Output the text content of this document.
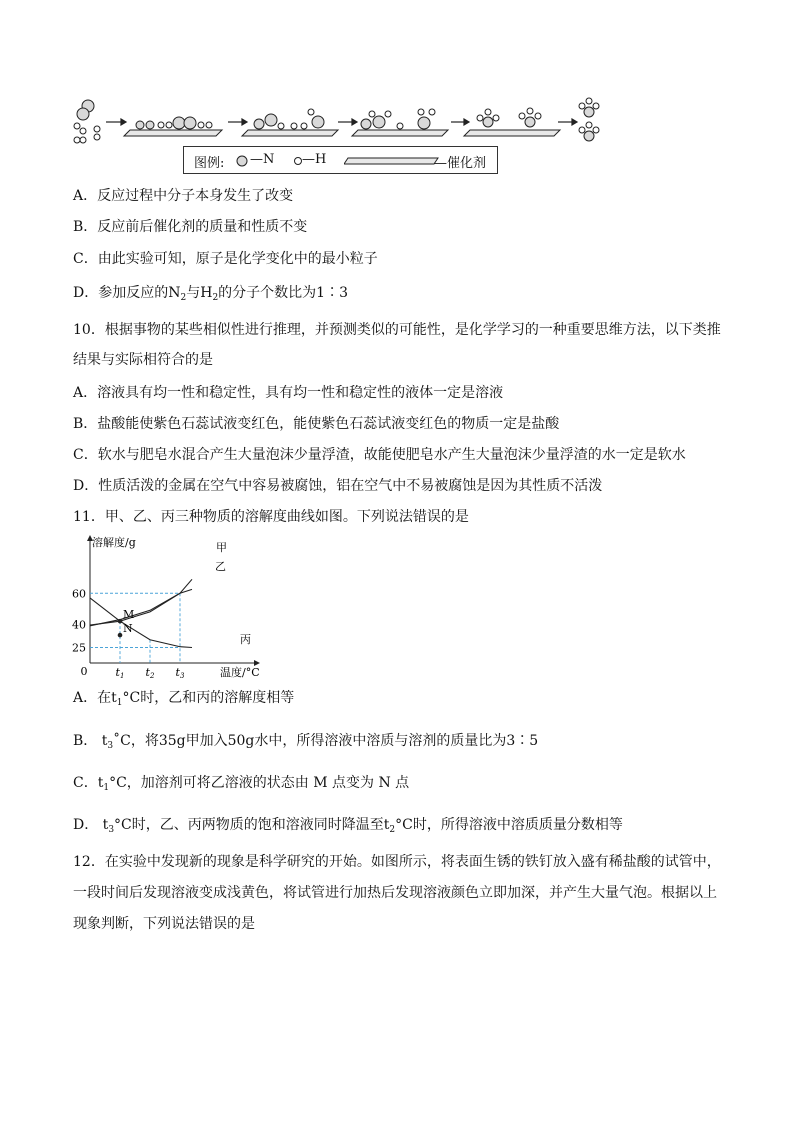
图例: —N —H	—催化剂
A．反应过程中分子本身发生了改变
B．反应前后催化剂的质量和性质不变
C．由此实验可知，原子是化学变化中的最小粒子
D．参加反应的$N_2$与$H_2$的分子个数比为1∶3
10．根据事物的某些相似性进行推理，并预测类似的可能性，是化学学习的一种重要思维方法，以下类推
结果与实际相符合的是
A．溶液具有均一性和稳定性，具有均一性和稳定性的液体一定是溶液
B．盐酸能使紫色石蕊试液变红色，能使紫色石蕊试液变红色的物质一定是盐酸
C．软水与肥皂水混合产生大量泡沫少量浮渣，故能使肥皂水产生大量泡沫少量浮渣的水一定是软水
D．性质活泼的金属在空气中容易被腐蚀，铝在空气中不易被腐蚀是因为其性质不活泼
11．甲、乙、丙三种物质的溶解度曲线如图。下列说法错误的是
溶解度/g
温度/°C
0
60
40
25
t1 t2 t3
甲
乙
丙
M
N
A．在$t_1^\circ C$时，乙和丙的溶解度相等
B． $t_3˚C$，将35g甲加入50g水中，所得溶液中溶质与溶剂的质量比为3∶5
C．$t_1^\circ C$，加溶剂可将乙溶液的状态由 M 点变为 N 点
D． $t_3^\circ C$时，乙、丙两物质的饱和溶液同时降温至$t_2^\circ C$时，所得溶液中溶质质量分数相等
12．在实验中发现新的现象是科学研究的开始。如图所示，将表面生锈的铁钉放入盛有稀盐酸的试管中，
一段时间后发现溶液变成浅黄色，将试管进行加热后发现溶液颜色立即加深，并产生大量气泡。根据以上
现象判断，下列说法错误的是
